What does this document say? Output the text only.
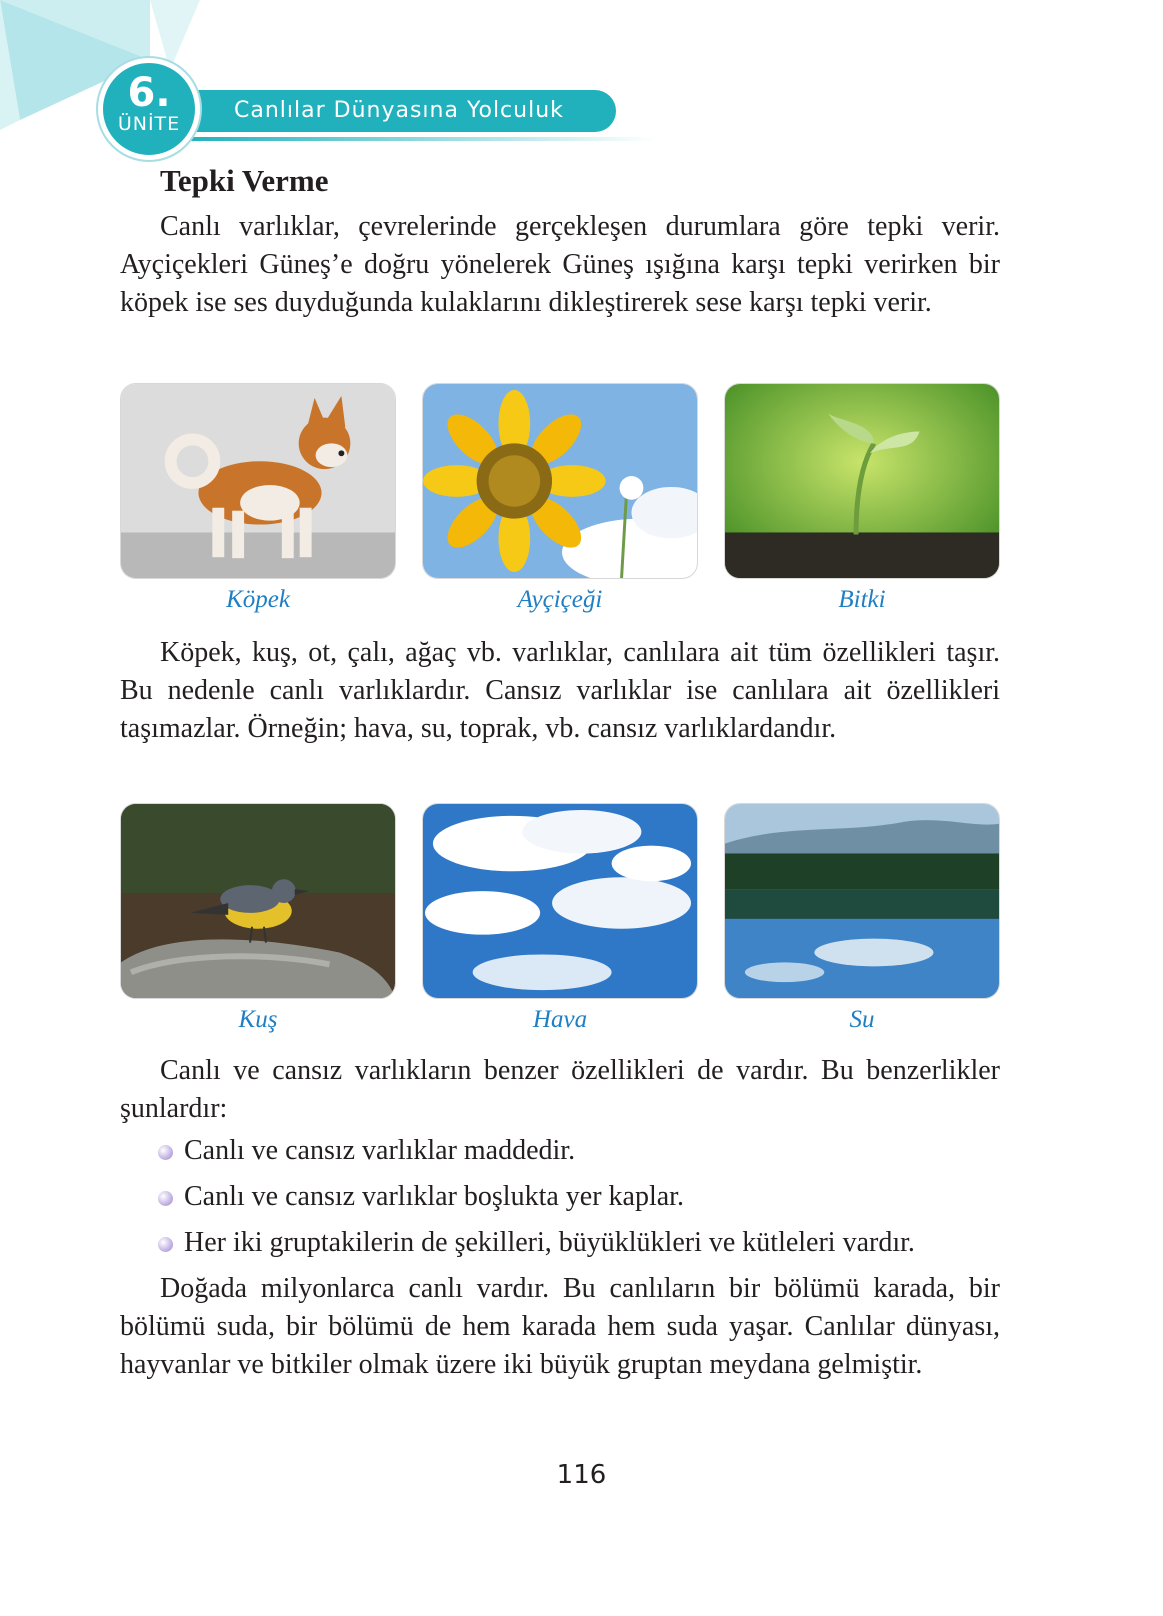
6.
ÜNİTE
Canlılar Dünyasına Yolculuk
Tepki Verme

Canlı varlıklar, çevrelerinde gerçekleşen durumlara göre tepki verir. Ayçiçekleri Güneş’e doğru yönelerek Güneş ışığına karşı tepki verirken bir köpek ise ses duyduğunda kulaklarını dikleştirerek sese karşı tepki verir.

Köpek	Ayçiçeği	Bitki

Köpek, kuş, ot, çalı, ağaç vb. varlıklar, canlılara ait tüm özellikleri taşır. Bu nedenle canlı varlıklardır. Cansız varlıklar ise canlılara ait özellikleri taşımazlar. Örneğin; hava, su, toprak, vb. cansız varlıklardandır.

Kuş	Hava	Su

Canlı ve cansız varlıkların benzer özellikleri de vardır. Bu benzerlikler şunlardır:

Canlı ve cansız varlıklar maddedir.
Canlı ve cansız varlıklar boşlukta yer kaplar.
Her iki gruptakilerin de şekilleri, büyüklükleri ve kütleleri vardır.

Doğada milyonlarca canlı vardır. Bu canlıların bir bölümü karada, bir bölümü suda, bir bölümü de hem karada hem suda yaşar. Canlılar dünyası, hayvanlar ve bitkiler olmak üzere iki büyük gruptan meydana gelmiştir.

116
